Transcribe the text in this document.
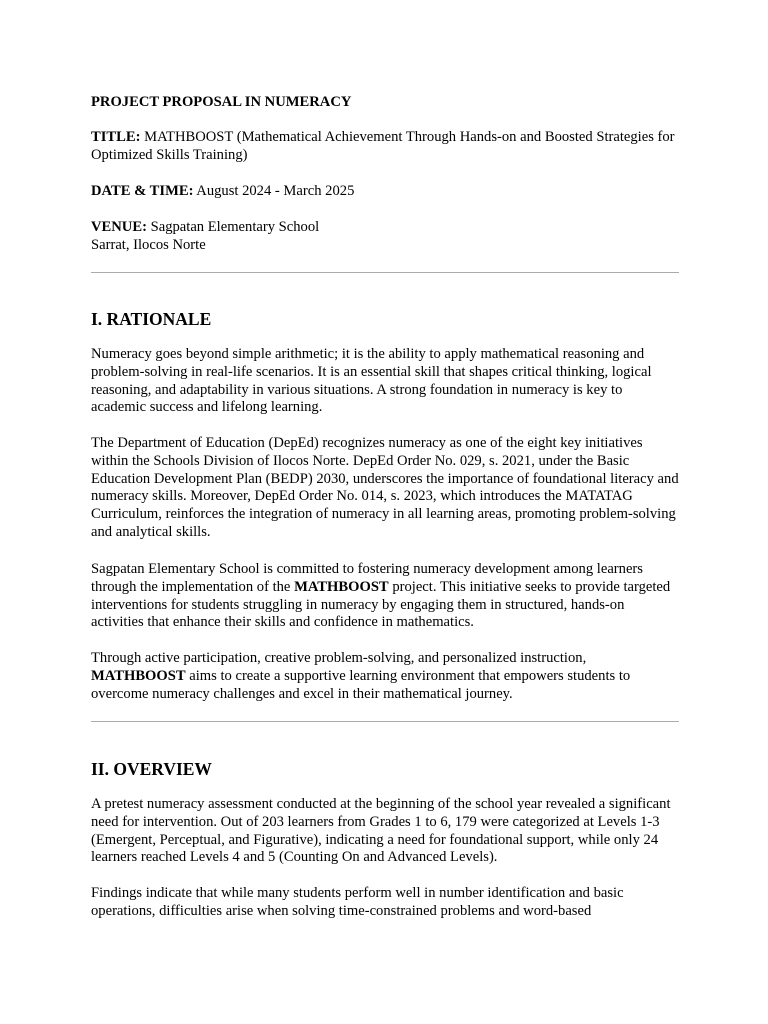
PROJECT PROPOSAL IN NUMERACY

TITLE: MATHBOOST (Mathematical Achievement Through Hands-on and Boosted Strategies for Optimized Skills Training)

DATE & TIME: August 2024 - March 2025

VENUE: Sagpatan Elementary School

Sarrat, Ilocos Norte

I. RATIONALE

Numeracy goes beyond simple arithmetic; it is the ability to apply mathematical reasoning and problem-solving in real-life scenarios. It is an essential skill that shapes critical thinking, logical reasoning, and adaptability in various situations. A strong foundation in numeracy is key to academic success and lifelong learning.

The Department of Education (DepEd) recognizes numeracy as one of the eight key initiatives within the Schools Division of Ilocos Norte. DepEd Order No. 029, s. 2021, under the Basic Education Development Plan (BEDP) 2030, underscores the importance of foundational literacy and numeracy skills. Moreover, DepEd Order No. 014, s. 2023, which introduces the MATATAG Curriculum, reinforces the integration of numeracy in all learning areas, promoting problem-solving and analytical skills.

Sagpatan Elementary School is committed to fostering numeracy development among learners through the implementation of the MATHBOOST project. This initiative seeks to provide targeted interventions for students struggling in numeracy by engaging them in structured, hands-on activities that enhance their skills and confidence in mathematics.

Through active participation, creative problem-solving, and personalized instruction, MATHBOOST aims to create a supportive learning environment that empowers students to overcome numeracy challenges and excel in their mathematical journey.

II. OVERVIEW

A pretest numeracy assessment conducted at the beginning of the school year revealed a significant need for intervention. Out of 203 learners from Grades 1 to 6, 179 were categorized at Levels 1-3 (Emergent, Perceptual, and Figurative), indicating a need for foundational support, while only 24 learners reached Levels 4 and 5 (Counting On and Advanced Levels).

Findings indicate that while many students perform well in number identification and basic operations, difficulties arise when solving time-constrained problems and word-based
